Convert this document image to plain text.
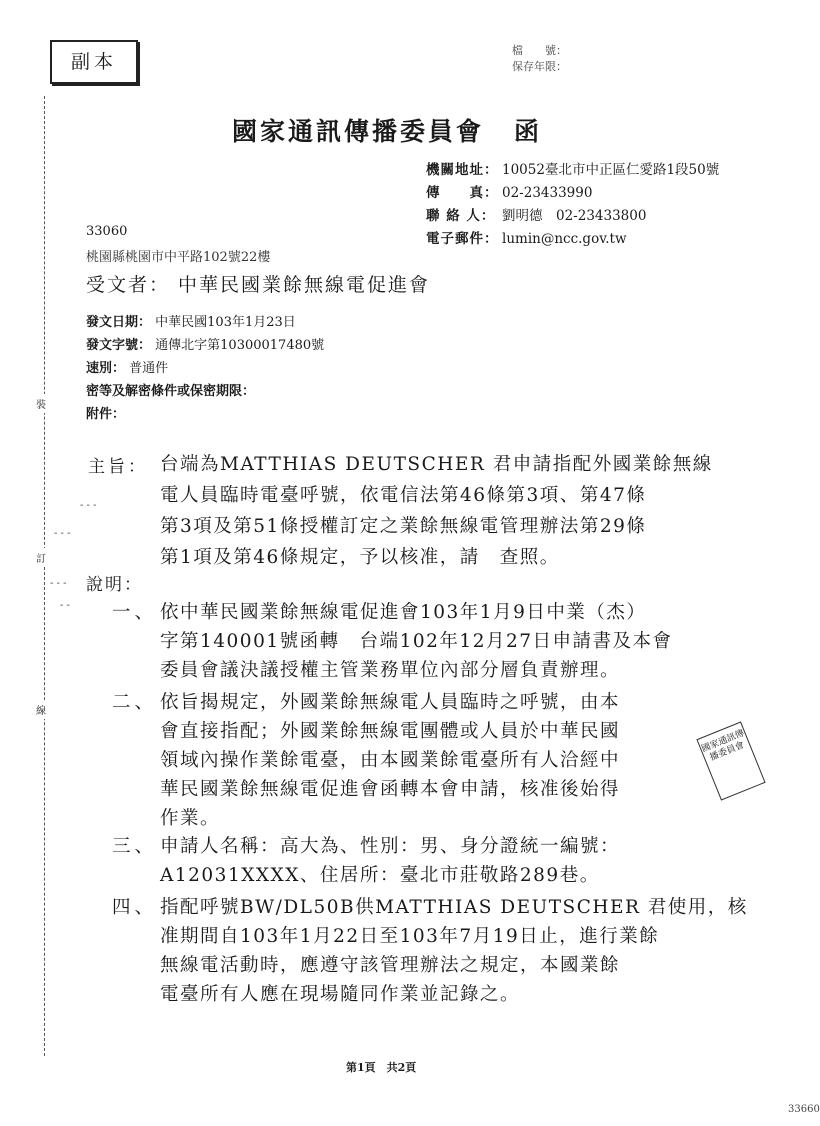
副本
檔　　號：
保存年限：
國家通訊傳播委員會 函
機關地址： 10052臺北市中正區仁愛路1段50號
傳　　真： 02-23433990
聯 絡 人： 劉明德　02-23433800
電子郵件： lumin@ncc.gov.tw
33060
桃園縣桃園市中平路102號22樓
受文者： 中華民國業餘無線電促進會
發文日期： 中華民國103年1月23日
發文字號： 通傳北字第10300017480號
速別： 普通件
密等及解密條件或保密期限：
附件：
主旨： 台端為MATTHIAS DEUTSCHER 君申請指配外國業餘無線
電人員臨時電臺呼號，依電信法第46條第3項、第47條
第3項及第51條授權訂定之業餘無線電管理辦法第29條
第1項及第46條規定，予以核准，請　查照。
說明：
一、 依中華民國業餘無線電促進會103年1月9日中業（杰）
字第140001號函轉　台端102年12月27日申請書及本會
委員會議決議授權主管業務單位內部分層負責辦理。
二、 依旨揭規定，外國業餘無線電人員臨時之呼號，由本
會直接指配；外國業餘無線電團體或人員於中華民國
領域內操作業餘電臺，由本國業餘電臺所有人洽經中
華民國業餘無線電促進會函轉本會申請，核准後始得
作業。
三、 申請人名稱：高大為、性別：男、身分證統一編號：
A12031XXXX、住居所：臺北市莊敬路289巷。
四、 指配呼號BW/DL50B供MATTHIAS DEUTSCHER 君使用，核
准期間自103年1月22日至103年7月19日止，進行業餘
無線電活動時，應遵守該管理辦法之規定，本國業餘
電臺所有人應在現場隨同作業並記錄之。
裝
訂
線
- - -
- - -
- - -
- -
國家通訊傳播委員會
第1頁　共2頁
33660
